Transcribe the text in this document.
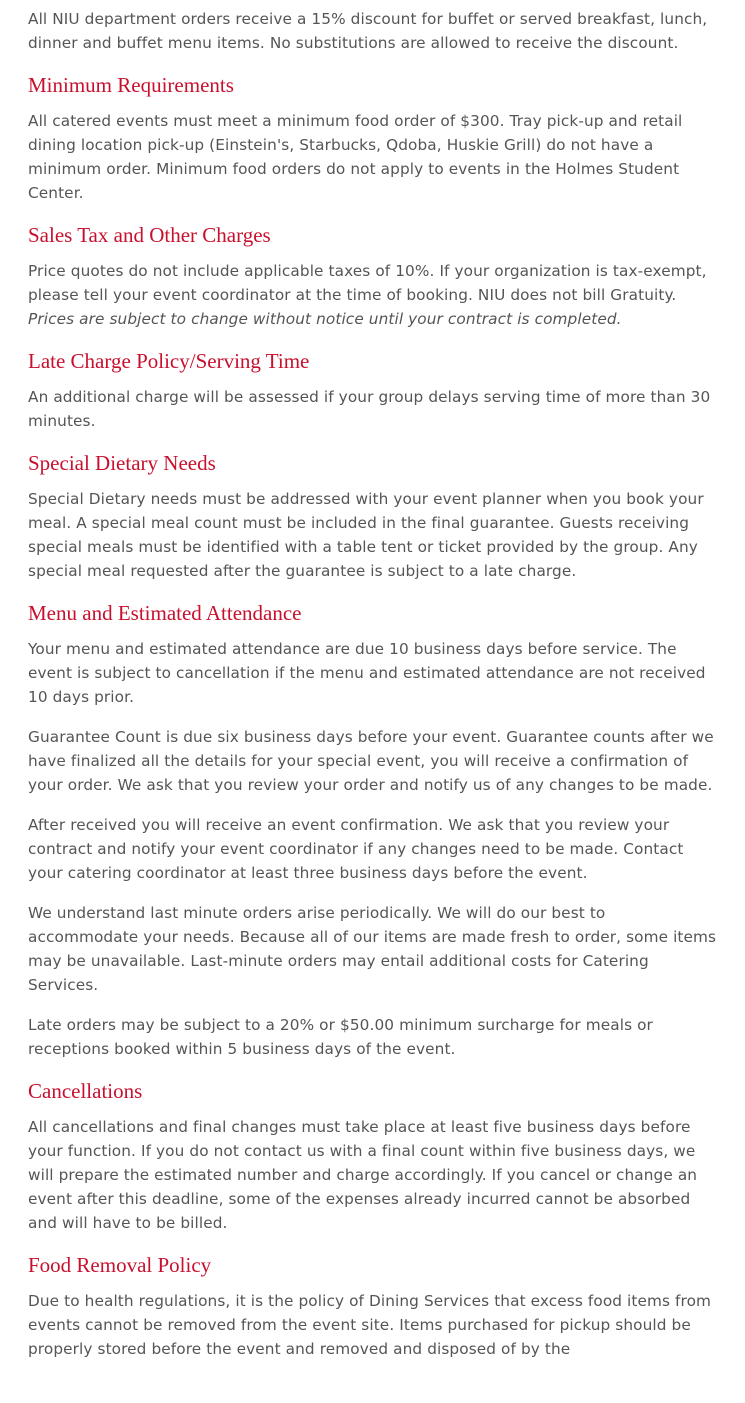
All NIU department orders receive a 15% discount for buffet or served breakfast, lunch, dinner and buffet menu items. No substitutions are allowed to receive the discount.

Minimum Requirements

All catered events must meet a minimum food order of $300. Tray pick-up and retail dining location pick-up (Einstein's, Starbucks, Qdoba, Huskie Grill) do not have a minimum order. Minimum food orders do not apply to events in the Holmes Student Center.

Sales Tax and Other Charges

Price quotes do not include applicable taxes of 10%. If your organization is tax-exempt, please tell your event coordinator at the time of booking. NIU does not bill Gratuity. Prices are subject to change without notice until your contract is completed.

Late Charge Policy/Serving Time

An additional charge will be assessed if your group delays serving time of more than 30  minutes.

Special Dietary Needs

Special Dietary needs must be addressed with your event planner when you book your meal. A special meal count must be included in the final guarantee. Guests receiving special meals must be identified with a table tent or ticket provided by the group. Any special meal requested after the guarantee is subject to a late charge.

Menu and Estimated Attendance

Your menu and estimated attendance are due 10 business days before service. The event is subject to cancellation if the menu and estimated attendance are not received 10 days prior.

Guarantee Count is due six business days before your event. Guarantee counts after we have finalized all the details for your special event, you will receive a confirmation of your order. We ask that you review your order and notify us of any changes to be made.

After received you will receive an event confirmation. We ask that you review your contract and notify your event coordinator if any changes need to be made. Contact your catering coordinator at least three business days before the event.

We understand last minute orders arise periodically. We will do our best to accommodate your needs. Because all of our items are made fresh to order, some items may be unavailable. Last-minute orders may entail additional costs for Catering Services.

Late orders may be subject to a 20% or $50.00 minimum surcharge for meals or receptions booked within 5 business days of the event.

Cancellations

All cancellations and final changes must take place at least five business days before your function. If you do not contact us with a final count within five business days, we will prepare the estimated number and charge accordingly. If you cancel or change an event after this deadline, some of the expenses already incurred cannot be absorbed and will have to be billed.

Food Removal Policy

Due to health regulations, it is the policy of Dining Services that excess food items from events cannot be removed from the event site. Items purchased for pickup should be properly stored before the event and removed and disposed of by the
